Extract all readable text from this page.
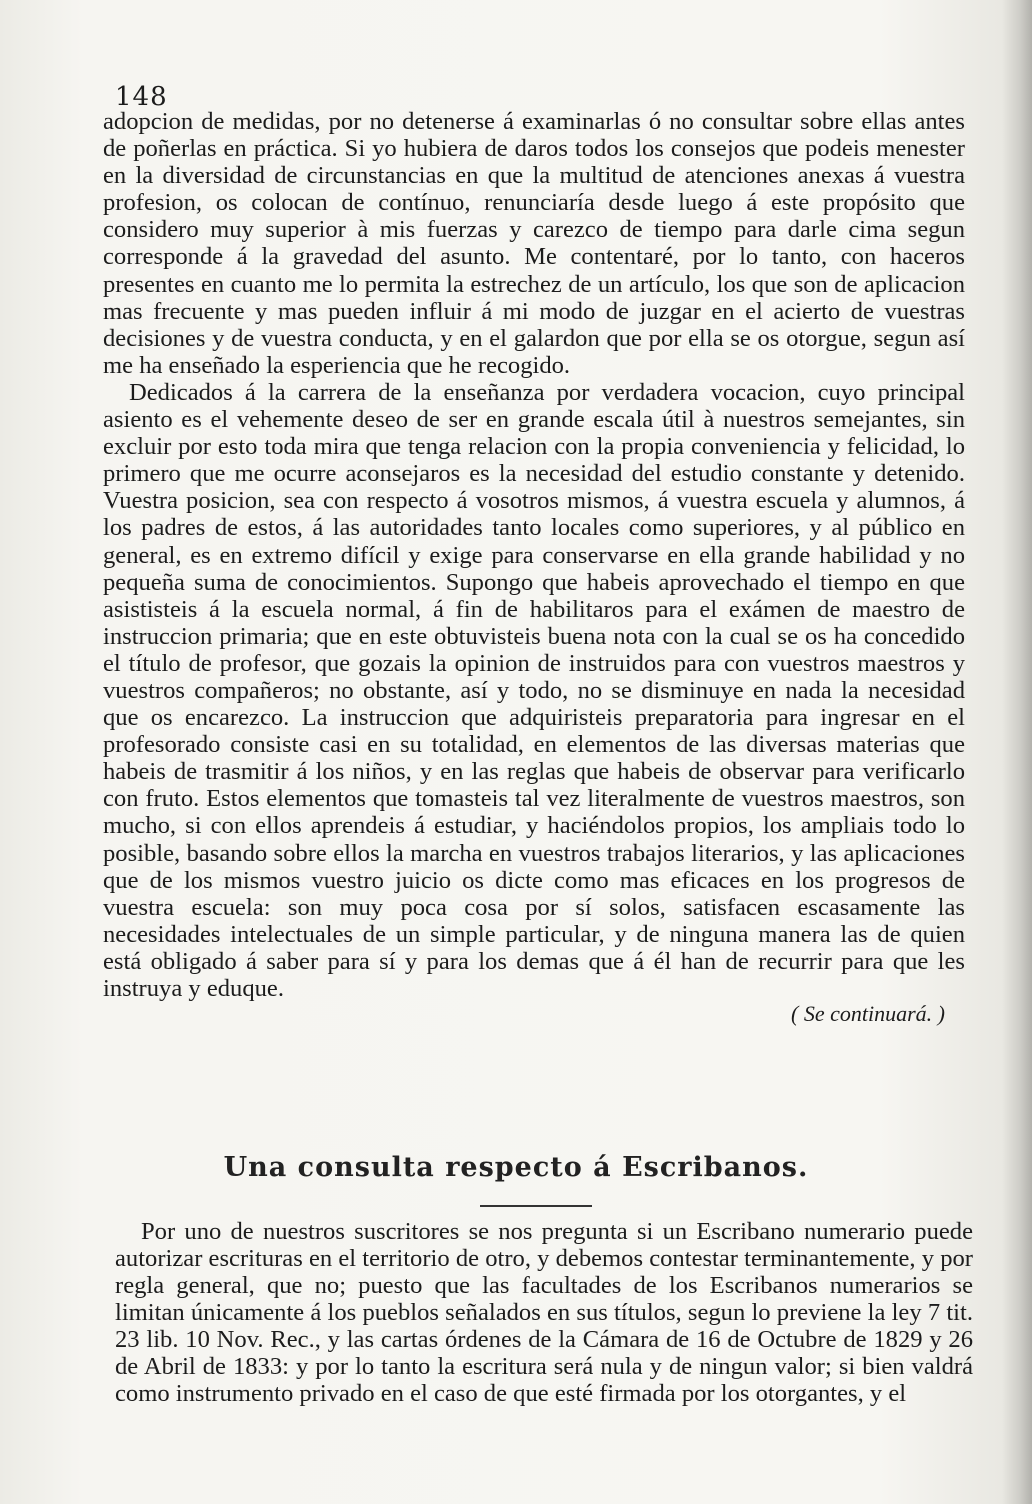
148

adopcion de medidas, por no detenerse á examinarlas ó no consultar sobre ellas antes de poñerlas en práctica. Si yo hubiera de daros todos los consejos que podeis menester en la diversidad de circunstancias en que la multitud de atenciones anexas á vuestra profesion, os colocan de contínuo, renunciaría desde luego á este propósito que considero muy superior à mis fuerzas y carezco de tiempo para darle cima segun corresponde á la gravedad del asunto. Me contentaré, por lo tanto, con haceros presentes en cuanto me lo permita la estrechez de un artículo, los que son de aplicacion mas frecuente y mas pueden influir á mi modo de juzgar en el acierto de vuestras decisiones y de vuestra conducta, y en el galardon que por ella se os otorgue, segun así me ha enseñado la esperiencia que he recogido.

Dedicados á la carrera de la enseñanza por verdadera vocacion, cuyo principal asiento es el vehemente deseo de ser en grande escala útil à nuestros semejantes, sin excluir por esto toda mira que tenga relacion con la propia conveniencia y felicidad, lo primero que me ocurre aconsejaros es la necesidad del estudio constante y detenido. Vuestra posicion, sea con respecto á vosotros mismos, á vuestra escuela y alumnos, á los padres de estos, á las autoridades tanto locales como superiores, y al público en general, es en extremo difícil y exige para conservarse en ella grande habilidad y no pequeña suma de conocimientos. Supongo que habeis aprovechado el tiempo en que asististeis á la escuela normal, á fin de habilitaros para el exámen de maestro de instruccion primaria; que en este obtuvisteis buena nota con la cual se os ha concedido el título de profesor, que gozais la opinion de instruidos para con vuestros maestros y vuestros compañeros; no obstante, así y todo, no se disminuye en nada la necesidad que os encarezco. La instruccion que adquiristeis preparatoria para ingresar en el profesorado consiste casi en su totalidad, en elementos de las diversas materias que habeis de trasmitir á los niños, y en las reglas que habeis de observar para verificarlo con fruto. Estos elementos que tomasteis tal vez literalmente de vuestros maestros, son mucho, si con ellos aprendeis á estudiar, y haciéndolos propios, los ampliais todo lo posible, basando sobre ellos la marcha en vuestros trabajos literarios, y las aplicaciones que de los mismos vuestro juicio os dicte como mas eficaces en los progresos de vuestra escuela: son muy poca cosa por sí solos, satisfacen escasamente las necesidades intelectuales de un simple particular, y de ninguna manera las de quien está obligado á saber para sí y para los demas que á él han de recurrir para que les instruya y eduque.

( Se continuará. )
Una consulta respecto á Escribanos.

Por uno de nuestros suscritores se nos pregunta si un Escribano numerario puede autorizar escrituras en el territorio de otro, y debemos contestar terminantemente, y por regla general, que no; puesto que las facultades de los Escribanos numerarios se limitan únicamente á los pueblos señalados en sus títulos, segun lo previene la ley 7 tit. 23 lib. 10 Nov. Rec., y las cartas órdenes de la Cámara de 16 de Octubre de 1829 y 26 de Abril de 1833: y por lo tanto la escritura será nula y de ningun valor; si bien valdrá como instrumento privado en el caso de que esté firmada por los otorgantes, y el
